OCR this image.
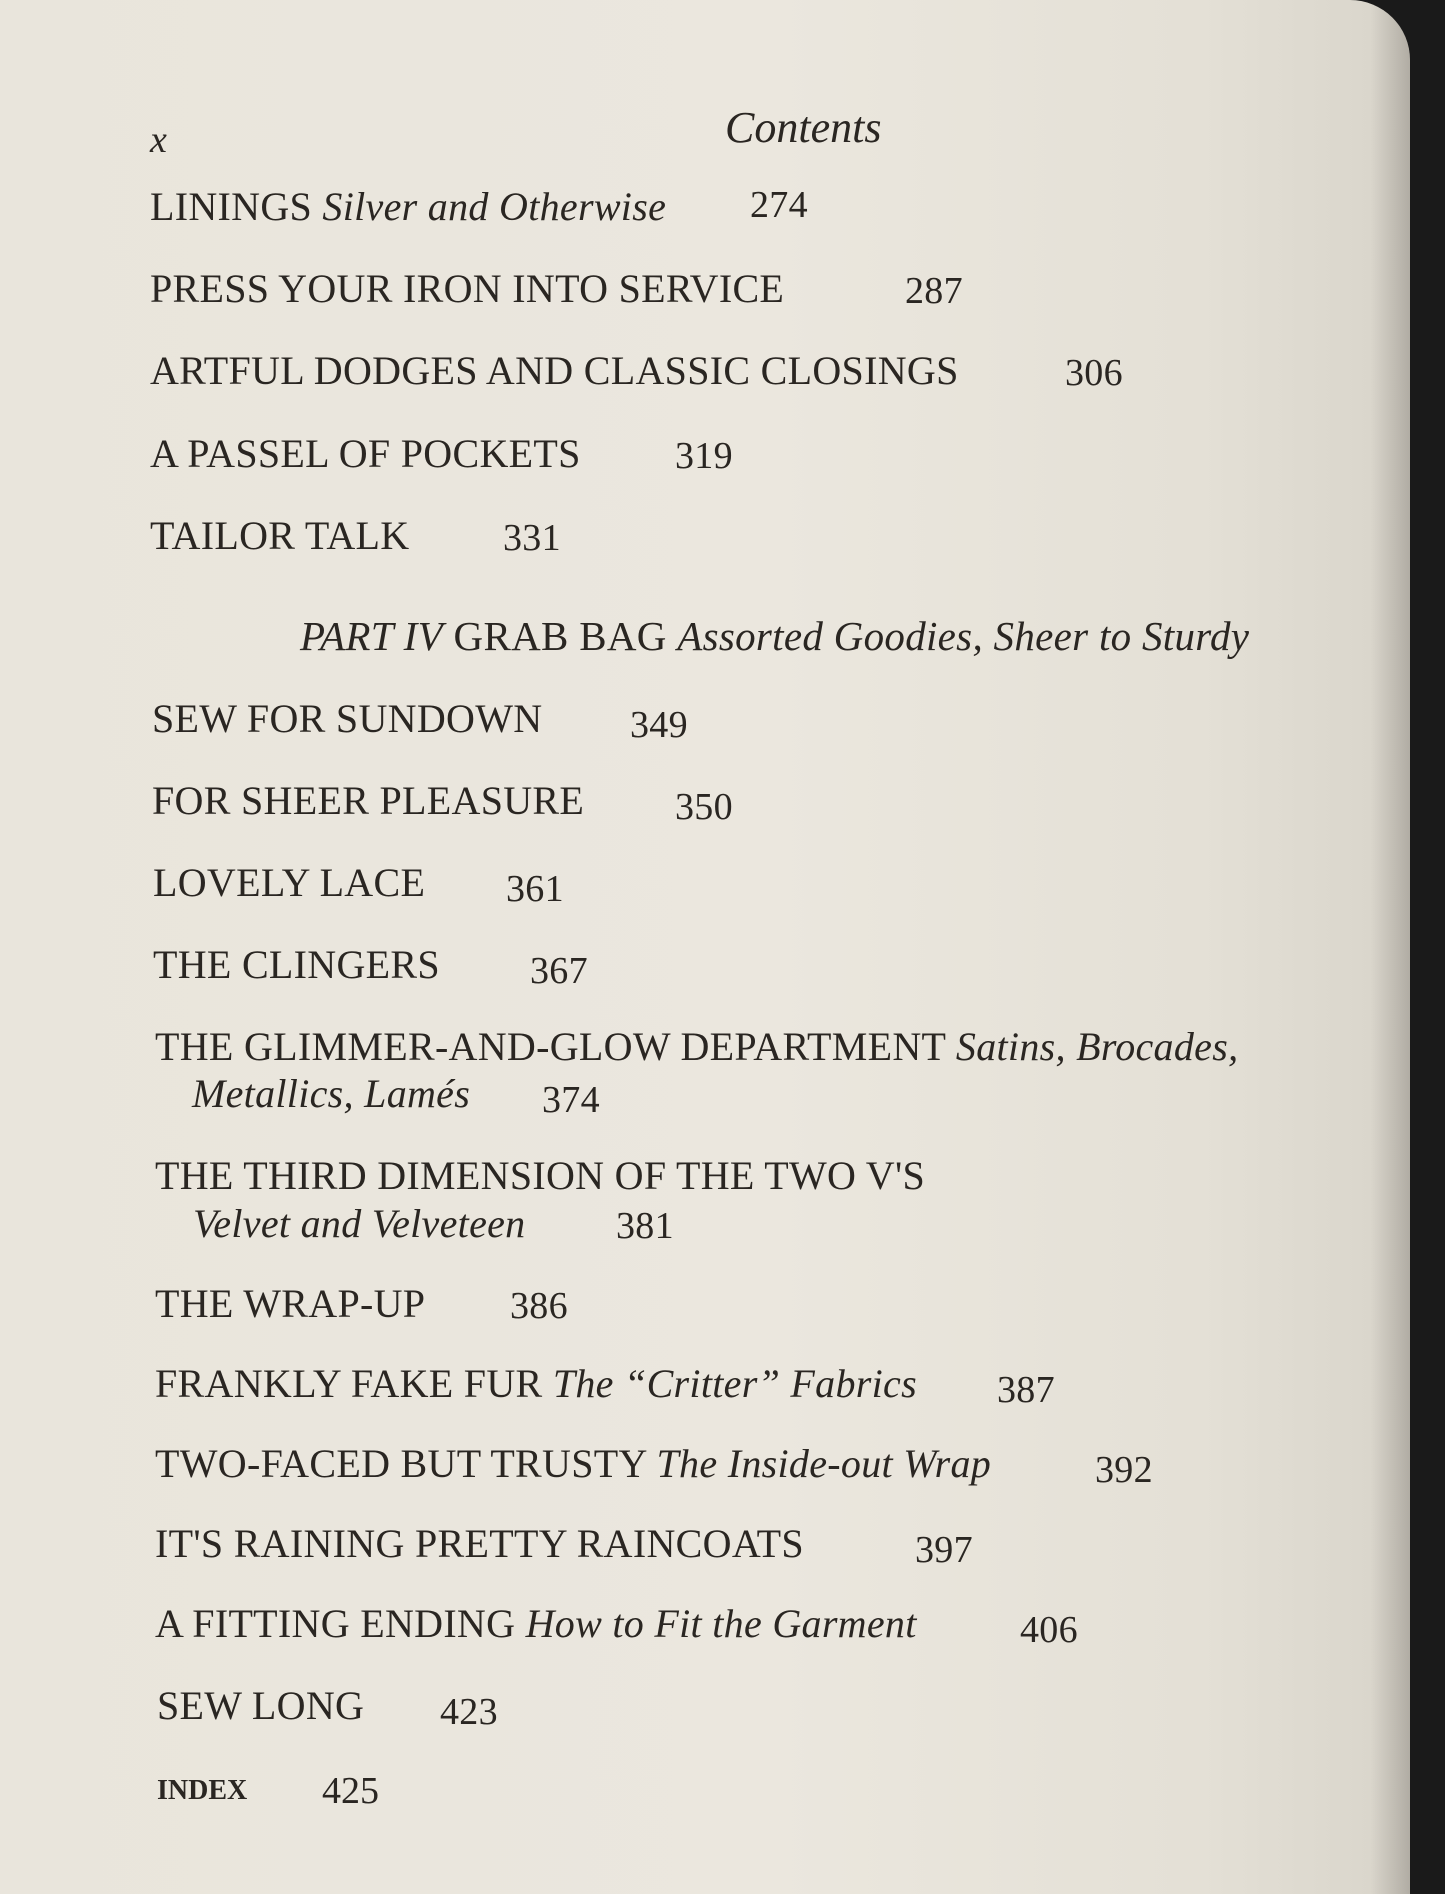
x	Contents
LININGS Silver and Otherwise 274
PRESS YOUR IRON INTO SERVICE	287
ARTFUL DODGES AND CLASSIC CLOSINGS	306
A PASSEL OF POCKETS 319
TAILOR TALK 331
PART IV GRAB BAG Assorted Goodies, Sheer to Sturdy
SEW FOR SUNDOWN 349
FOR SHEER PLEASURE 350
LOVELY LACE 361
THE CLINGERS 367
THE GLIMMER-AND-GLOW DEPARTMENT Satins, Brocades,
Metallics, Lamés 374
THE THIRD DIMENSION OF THE TWO V'S
Velvet and Velveteen 381
THE WRAP-UP 386
FRANKLY FAKE FUR The “Critter” Fabrics 387
TWO-FACED BUT TRUSTY The Inside-out Wrap	392
IT'S RAINING PRETTY RAINCOATS	397
A FITTING ENDING How to Fit the Garment	406
SEW LONG 423
INDEX 425
